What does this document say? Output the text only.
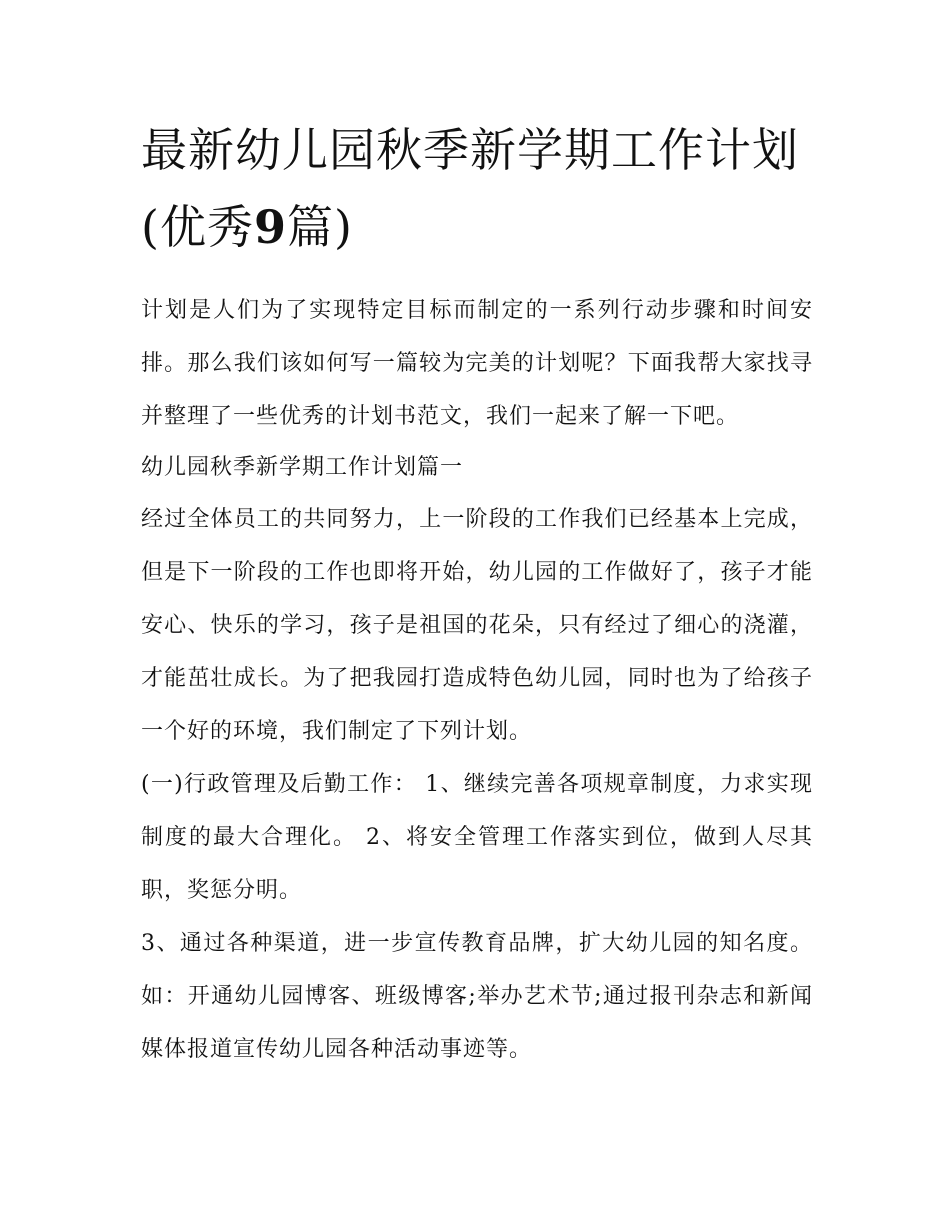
最新幼儿园秋季新学期工作计划(优秀9篇)

计划是人们为了实现特定目标而制定的一系列行动步骤和时间安排。那么我们该如何写一篇较为完美的计划呢？下面我帮大家找寻并整理了一些优秀的计划书范文，我们一起来了解一下吧。

幼儿园秋季新学期工作计划篇一

经过全体员工的共同努力，上一阶段的工作我们已经基本上完成，但是下一阶段的工作也即将开始，幼儿园的工作做好了，孩子才能安心、快乐的学习，孩子是祖国的花朵，只有经过了细心的浇灌，才能茁壮成长。为了把我园打造成特色幼儿园，同时也为了给孩子一个好的环境，我们制定了下列计划。

(一)行政管理及后勤工作： 1、继续完善各项规章制度，力求实现制度的最大合理化。 2、将安全管理工作落实到位，做到人尽其职，奖惩分明。

3、通过各种渠道，进一步宣传教育品牌，扩大幼儿园的知名度。如：开通幼儿园博客、班级博客;举办艺术节;通过报刊杂志和新闻媒体报道宣传幼儿园各种活动事迹等。
